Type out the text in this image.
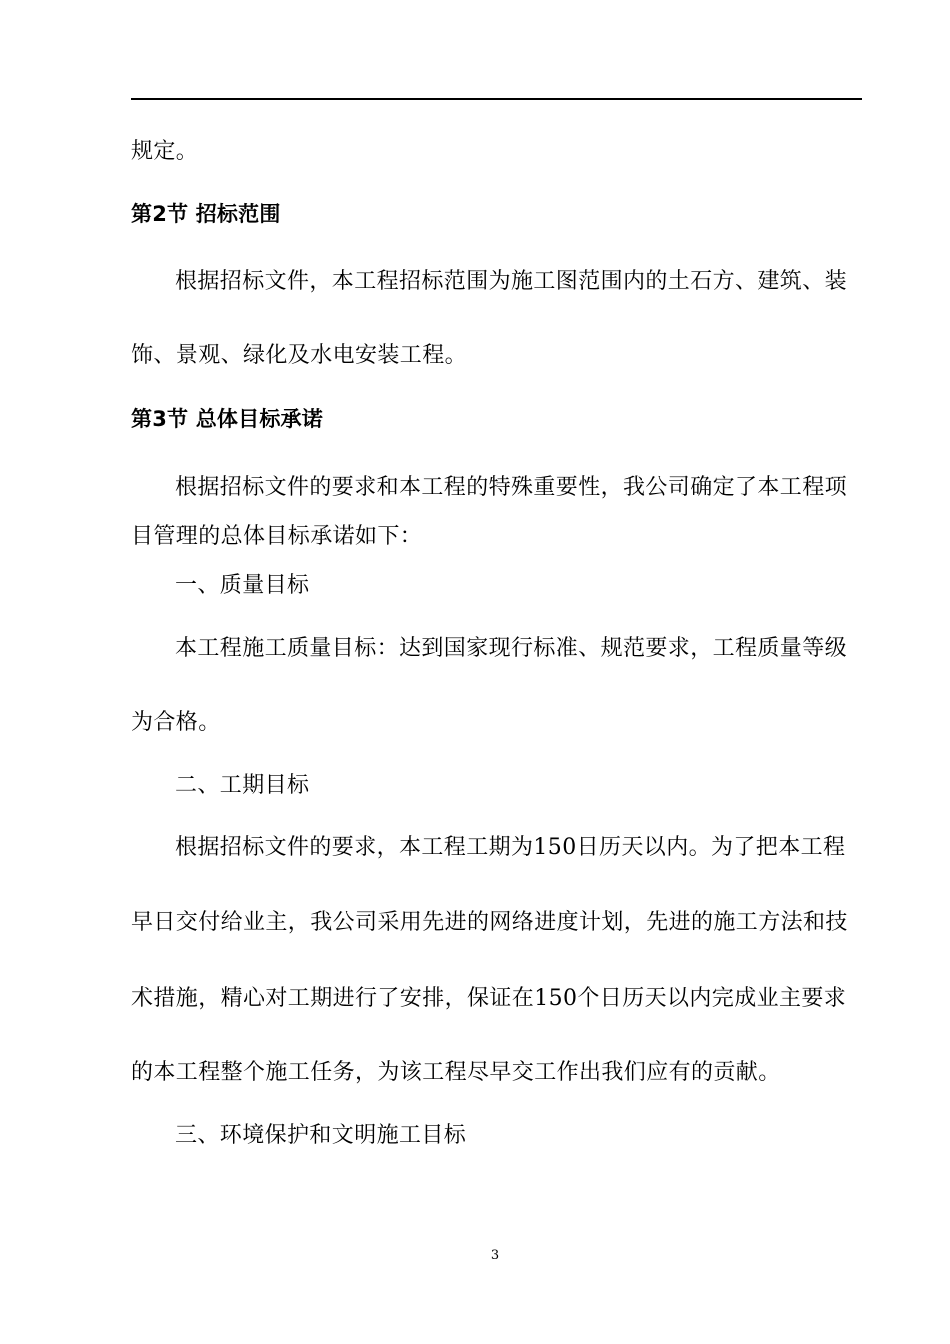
规定。
第2节 招标范围
根据招标文件，本工程招标范围为施工图范围内的土石方、建筑、装
饰、景观、绿化及水电安装工程。
第3节 总体目标承诺
根据招标文件的要求和本工程的特殊重要性，我公司确定了本工程项
目管理的总体目标承诺如下：
一、质量目标
本工程施工质量目标：达到国家现行标准、规范要求，工程质量等级
为合格。
二、工期目标
根据招标文件的要求，本工程工期为150日历天以内。为了把本工程
早日交付给业主，我公司采用先进的网络进度计划，先进的施工方法和技
术措施，精心对工期进行了安排，保证在150个日历天以内完成业主要求
的本工程整个施工任务，为该工程尽早交工作出我们应有的贡献。
三、环境保护和文明施工目标
3
